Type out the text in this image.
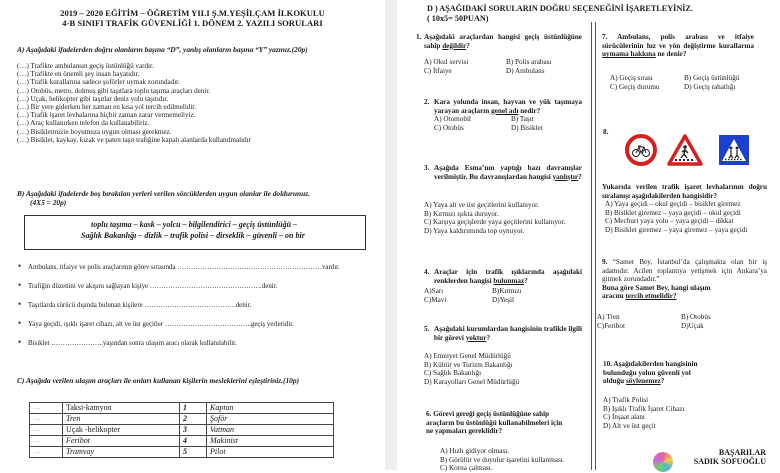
2019 – 2020 EĞİTİM – ÖĞRETİM YILI Ş.M.YEŞİLÇAM İLKOKULU
4-B SINIFI TRAFİK GÜVENLİĞİ 1. DÖNEM 2. YAZILI SORULARI
A) Aşağıdaki ifadelerden doğru olanların başına “D”, yanlış olanların başına “Y” yazınız.(20p)
(…) Trafikte ambulansın geçiş üstünlüğü vardır.
(…) Trafikte en önemli şey insan hayatıdır.
(…) Trafik kurallarına sadece şoförler uymak zorundadır.
(…) Otobüs, metro, dolmuş gibi taşıtlara toplu taşıma araçları denir.
(…) Uçak, helikopter gibi taşıtlar deniz yolu taşıtıdır.
(…) Bir yere giderken her zaman en kısa yol tercih edilmelidir.
(…) Trafik işaret levhalarına hiçbir zaman zarar vermemeliyiz.
(…) Araç kullanırken telefon da kullanabiliriz.
(…) Bisikletmizin boyumuza uygun olması gerekmez.
(…) Bisiklet, kaykay, kızak ve paten taşıt trafiğine kapalı alanlarda kullanılmalıdır
B) Aşağıdaki ifadelerde boş bırakılan yerleri verilen sözcüklerden uygun olanlar ile doldurunuz.
(4X5 = 20p)
toplu taşıma – kask – yolcu – bilgilendirici – geçiş üstünlüğü –
Sağlık Bakanlığı – dizlik – trafik polisi – dirseklik – güvenli – on bir
• Ambulans, itfaiye ve polis araçlarının görev sırasında ………………………………………………………vardır.
• Trafiğin düzenini ve akışını sağlayan kişiye ………………………………………….denir.
• Taşıtlarda sürücü dışında bulunan kişilere ………………………………….denir.
• Yaya geçidi, ışıklı işaret cihazı, alt ve üst geçitler ………………………………..geçiş yerleridir.
• Bisiklet …………………..yaşından sonra ulaşım aracı olarak kullanılabilir.
C) Aşağıda verilen ulaşım araçları ile onları kullanan kişilerin mesleklerini eşleştiriniz.(10p)
….	Taksi-kamyon	1	Kaptan
….	Tren	2	Şoför
….	Uçak -helikopter	3	Vatman
….	Feribot	4	Makinist
….	Tramvay	5	Pilot
D ) AŞAĞIDAKİ SORULARIN DOĞRU SEÇENEĞİNİ İŞARETLEYİNİZ.
( 10x5= 50PUAN)
1. Aşağıdaki araçlardan hangisi geçiş üstünlüğüne sahip değildir?
A) Okul servisi
C) İtfaiye
B) Polis arabası
D) Ambulans
2. Kara yolunda insan, hayvan ve yük taşımaya yarayan araçların genel adı nedir?
A) Otomobil
C) Otobüs
B) Taşıt
D) Bisiklet
3. Aşağıda Esma’nın yaptığı bazı davranışlar verilmiştir. Bu davranışlardan hangisi yanlıştır?
A) Yaya alt ve üst geçitlerini kullanıyor.
B) Kırmızı ışıkta duruyor.
C) Karşıya geçişlerde yaya geçitlerini kullanıyor.
D) Yaya kaldırımında top oynuyor.
4. Araçlar için trafik ışıklarında aşağıdaki renklerden hangisi bulunmaz?
A)Sarı
C)Mavi
B)Kırmızı
D)Yeşil
5. Aşağıdaki kurumlardan hangisinin trafikle ilgili bir görevi yoktur?
A) Emniyet Genel Müdürlüğü
B) Kültür ve Turizm Bakanlığı
C) Sağlık Bakanlığı
D) Karayolları Genel Müdürlüğü
6. Görevi gereği geçiş üstünlüğüne sahip araçların bu üstünlüğü kullanabilmeleri için ne yapmaları gereklidir?
A) Hızlı gidiyor olması.
B) Görülür ve duyulur işaretini kullanması.
C) Korna çalması.
7. Ambulans, polis arabası ve itfaiye sürücülerinin hız ve yön değiştirme kurallarına uymama hakkına ne denir?
A) Geçiş sırası
C) Geçiş durumu
B) Geçiş üstünlüğü
D) Geçiş rahatlığı
8.
Yukarıda verilen trafik işaret levhalarının doğru sıralanışı aşağıdakilerden hangisidir?
A) Yaya geçidi – okul geçidi – bisiklet giremez
B) Bisiklet giremez – yaya geçidi – okul geçidi
C) Mecburi yaya yolu – yaya geçidi – dikkat
D) Bisiklet giremez – yaya giremez – yaya geçidi
9. “Samet Bey, İstanbul’da çalışmakta olan bir iş adamıdır. Acilen toplantıya yetişmek için Ankara’ya gitmek zorundadır.”
Buna göre Samet Bey, hangi ulaşım aracını tercih etmelidir?
A) Tren
C)Feribot
B) Otobüs
D)Uçak
10. Aşağıdakilerden hangisinin bulunduğu yolun güvenli yol olduğu söylenemez?
A) Trafik Polisi
B) Işıklı Trafik İşaret Cihazı
C) İnşaat alanı
D) Alt ve üst geçit
BAŞARILAR
SADIK SOFUOĞLU
